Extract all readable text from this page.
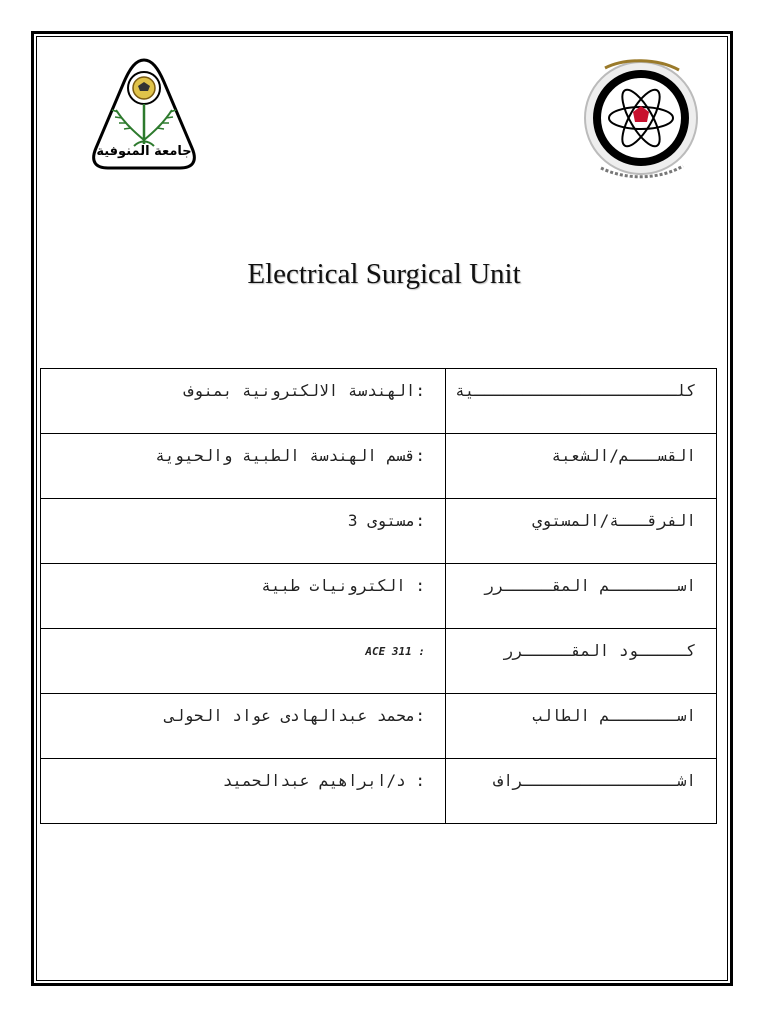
جامعة المنوفية
Electrical Surgical Unit
:الهندسة الالكترونية بمنوف	كلـــــــــــــــــــــية
:قسم الهندسة الطبية والحيوية	القســـم/الشعبة
:مستوى 3	الفرقـــة/المستوي
: الكترونيات طبية	اســـــــم المقـــــرر
: ACE 311	كـــــود المقـــــرر
:محمد عبدالهادى عواد الحولى	اســـــــم الطالب
: د/ابراهيم عبدالحميد	اشــــــــــــــــراف
